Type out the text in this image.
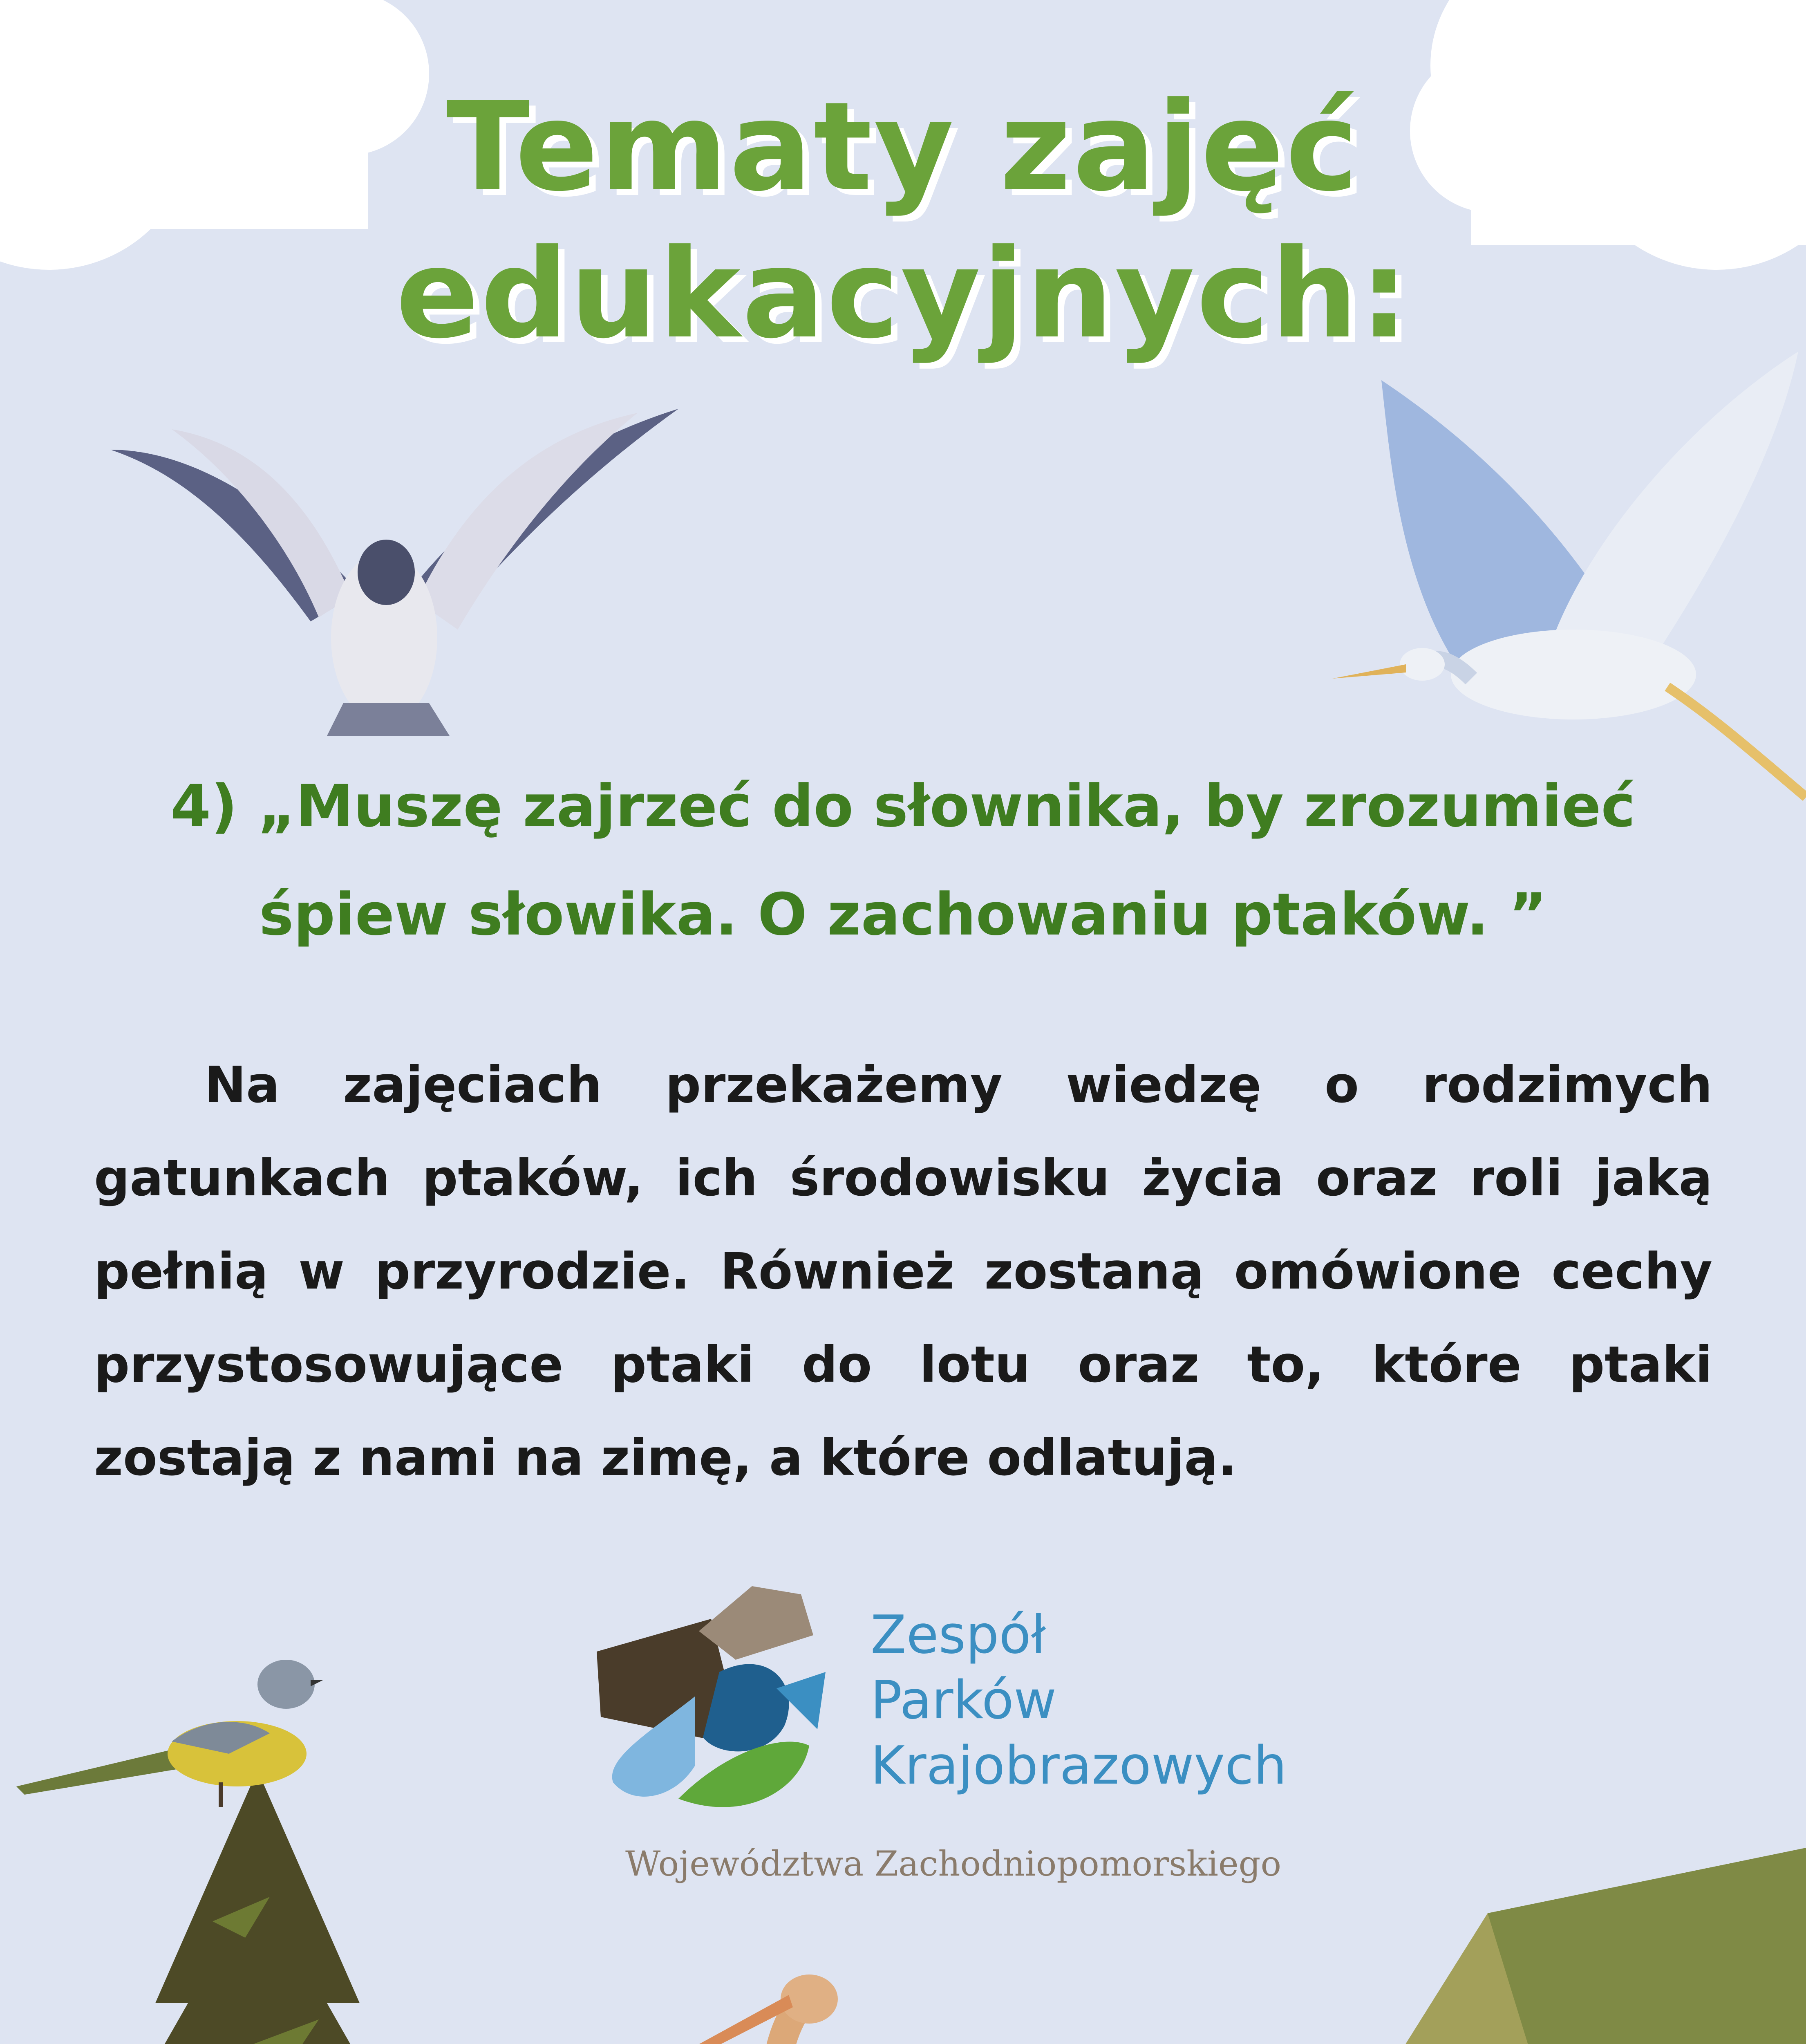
Tematy zajęć
edukacyjnych:
4) „Muszę zajrzeć do słownika, by zrozumieć śpiew słowika. O zachowaniu ptaków. ”
Na zajęciach przekażemy wiedzę o rodzimych gatunkach ptaków, ich środowisku życia oraz roli jaką pełnią w przyrodzie. Również zostaną omówione cechy przystosowujące ptaki do lotu oraz to, które ptaki zostają z nami na zimę, a które odlatują.
Zespół
Parków
Krajobrazowych
Województwa Zachodniopomorskiego
